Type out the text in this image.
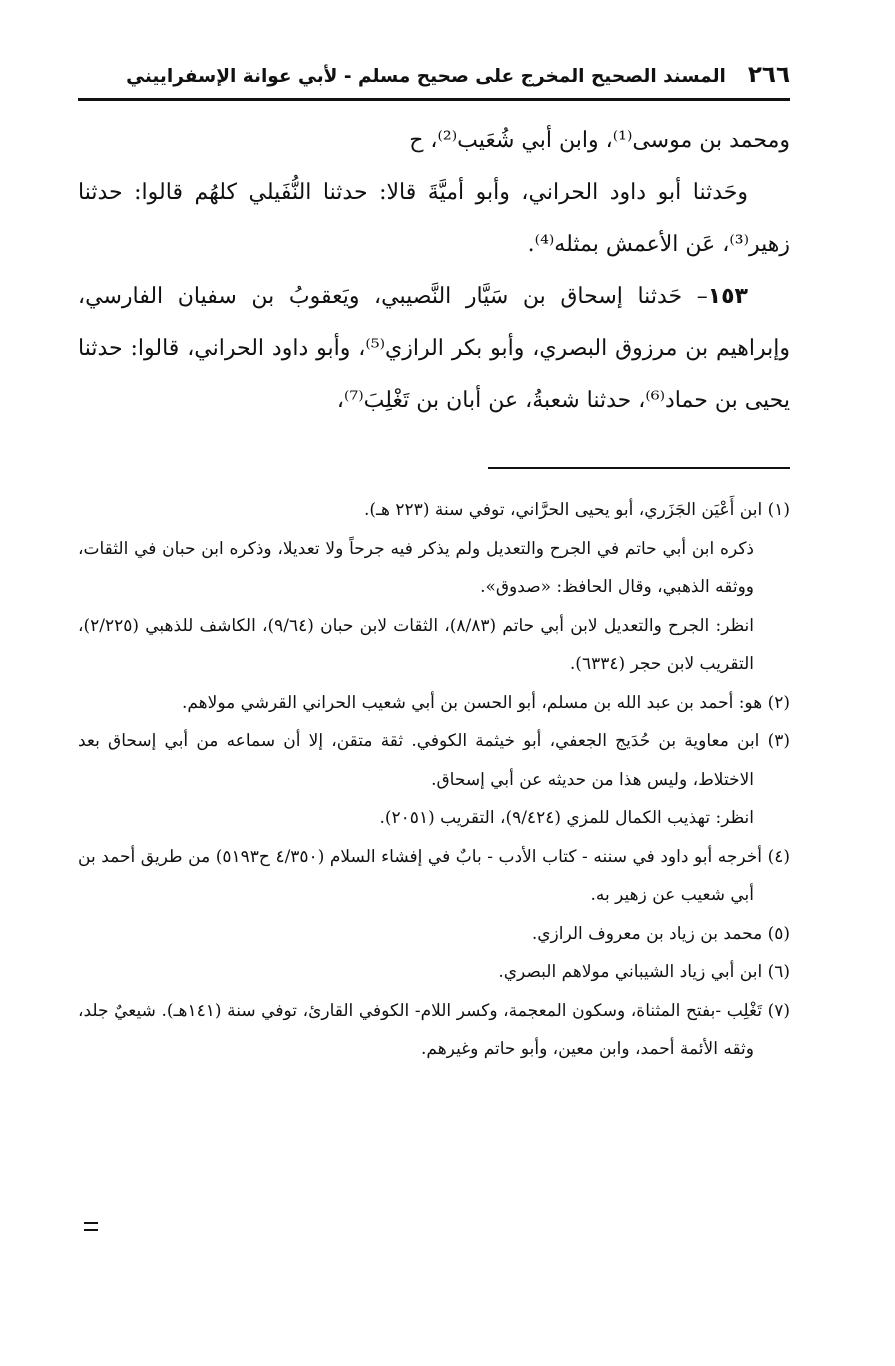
٢٦٦
المسند الصحيح المخرج على صحيح مسلم - لأبي عوانة الإسفراييني

ومحمد بن موسى⁽¹⁾، وابن أبي شُعَيب⁽²⁾، ح

وحَدثنا أبو داود الحراني، وأبو أميَّةَ قالا: حدثنا النُّفَيلي كلهُم قالوا: حدثنا زهير⁽³⁾، عَن الأعمش بمثله⁽⁴⁾.

١٥٣– حَدثنا إسحاق بن سَيَّار النَّصيبي، ويَعقوبُ بن سفيان الفارسي، وإبراهيم بن مرزوق البصري، وأبو بكر الرازي⁽⁵⁾، وأبو داود الحراني، قالوا: حدثنا يحيى بن حماد⁽⁶⁾، حدثنا شعبةُ، عن أبان بن تَغْلِبَ⁽⁷⁾،

(١) ابن أَعْيَن الجَزَري، أبو يحيى الحرَّاني، توفي سنة (٢٢٣ هـ).

ذكره ابن أبي حاتم في الجرح والتعديل ولم يذكر فيه جرحاً ولا تعديلا، وذكره ابن حبان في الثقات، ووثقه الذهبي، وقال الحافظ: «صدوق».

انظر: الجرح والتعديل لابن أبي حاتم (٨/٨٣)، الثقات لابن حبان (٩/٦٤)، الكاشف للذهبي (٢/٢٢٥)، التقريب لابن حجر (٦٣٣٤).

(٢) هو: أحمد بن عبد الله بن مسلم، أبو الحسن بن أبي شعيب الحراني القرشي مولاهم.

(٣) ابن معاوية بن حُدَيج الجعفي، أبو خيثمة الكوفي. ثقة متقن، إلا أن سماعه من أبي إسحاق بعد الاختلاط، وليس هذا من حديثه عن أبي إسحاق.

انظر: تهذيب الكمال للمزي (٩/٤٢٤)، التقريب (٢٠٥١).

(٤) أخرجه أبو داود في سننه - كتاب الأدب - بابٌ في إفشاء السلام (٤/٣٥٠ ح٥١٩٣) من طريق أحمد بن أبي شعيب عن زهير به.

(٥) محمد بن زياد بن معروف الرازي.

(٦) ابن أبي زياد الشيباني مولاهم البصري.

(٧) تَغْلِب -بفتح المثناة، وسكون المعجمة، وكسر اللام- الكوفي القارئ، توفي سنة (١٤١هـ). شيعيٌ جلد، وثقه الأئمة أحمد، وابن معين، وأبو حاتم وغيرهم.
